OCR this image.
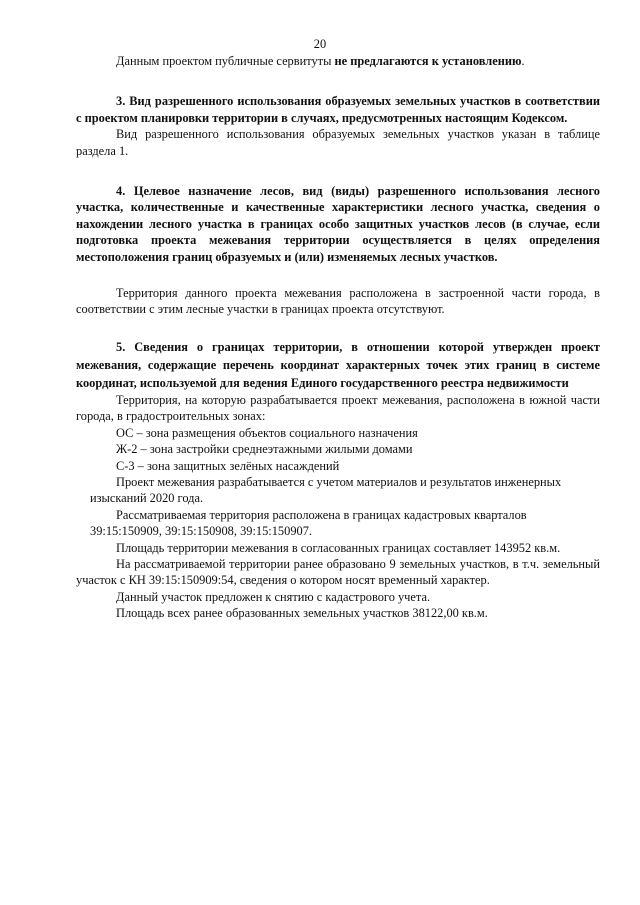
20

Данным проектом публичные сервитуты не предлагаются к установлению.

3. Вид разрешенного использования образуемых земельных участков в соответствии с проектом планировки территории в случаях, предусмотренных настоящим Кодексом.

Вид разрешенного использования образуемых земельных участков указан в таблице раздела 1.

4. Целевое назначение лесов, вид (виды) разрешенного использования лесного участка, количественные и качественные характеристики лесного участка, сведения о нахождении лесного участка в границах особо защитных участков лесов (в случае, если подготовка проекта межевания территории осуществляется в целях определения местоположения границ образуемых и (или) изменяемых лесных участков.

Территория данного проекта межевания расположена в застроенной части города, в соответствии с этим лесные участки в границах проекта отсутствуют.

5. Сведения о границах территории, в отношении которой утвержден проект межевания, содержащие перечень координат характерных точек этих границ в системе координат, используемой для ведения Единого государственного реестра недвижимости

Территория, на которую разрабатывается проект межевания, расположена в южной части города, в градостроительных зонах:

ОС – зона размещения объектов социального назначения

Ж-2 – зона застройки среднеэтажными жилыми домами

С-3 – зона защитных зелёных насаждений

Проект межевания разрабатывается с учетом материалов и результатов инженерных

изысканий 2020 года.

Рассматриваемая территория расположена в границах кадастровых кварталов

39:15:150909, 39:15:150908, 39:15:150907.

Площадь территории межевания в согласованных границах составляет 143952 кв.м.

На рассматриваемой территории ранее образовано 9 земельных участков, в т.ч. земельный участок с КН 39:15:150909:54, сведения о котором носят временный характер.

Данный участок предложен к снятию с кадастрового учета.

Площадь всех ранее образованных земельных участков 38122,00 кв.м.
